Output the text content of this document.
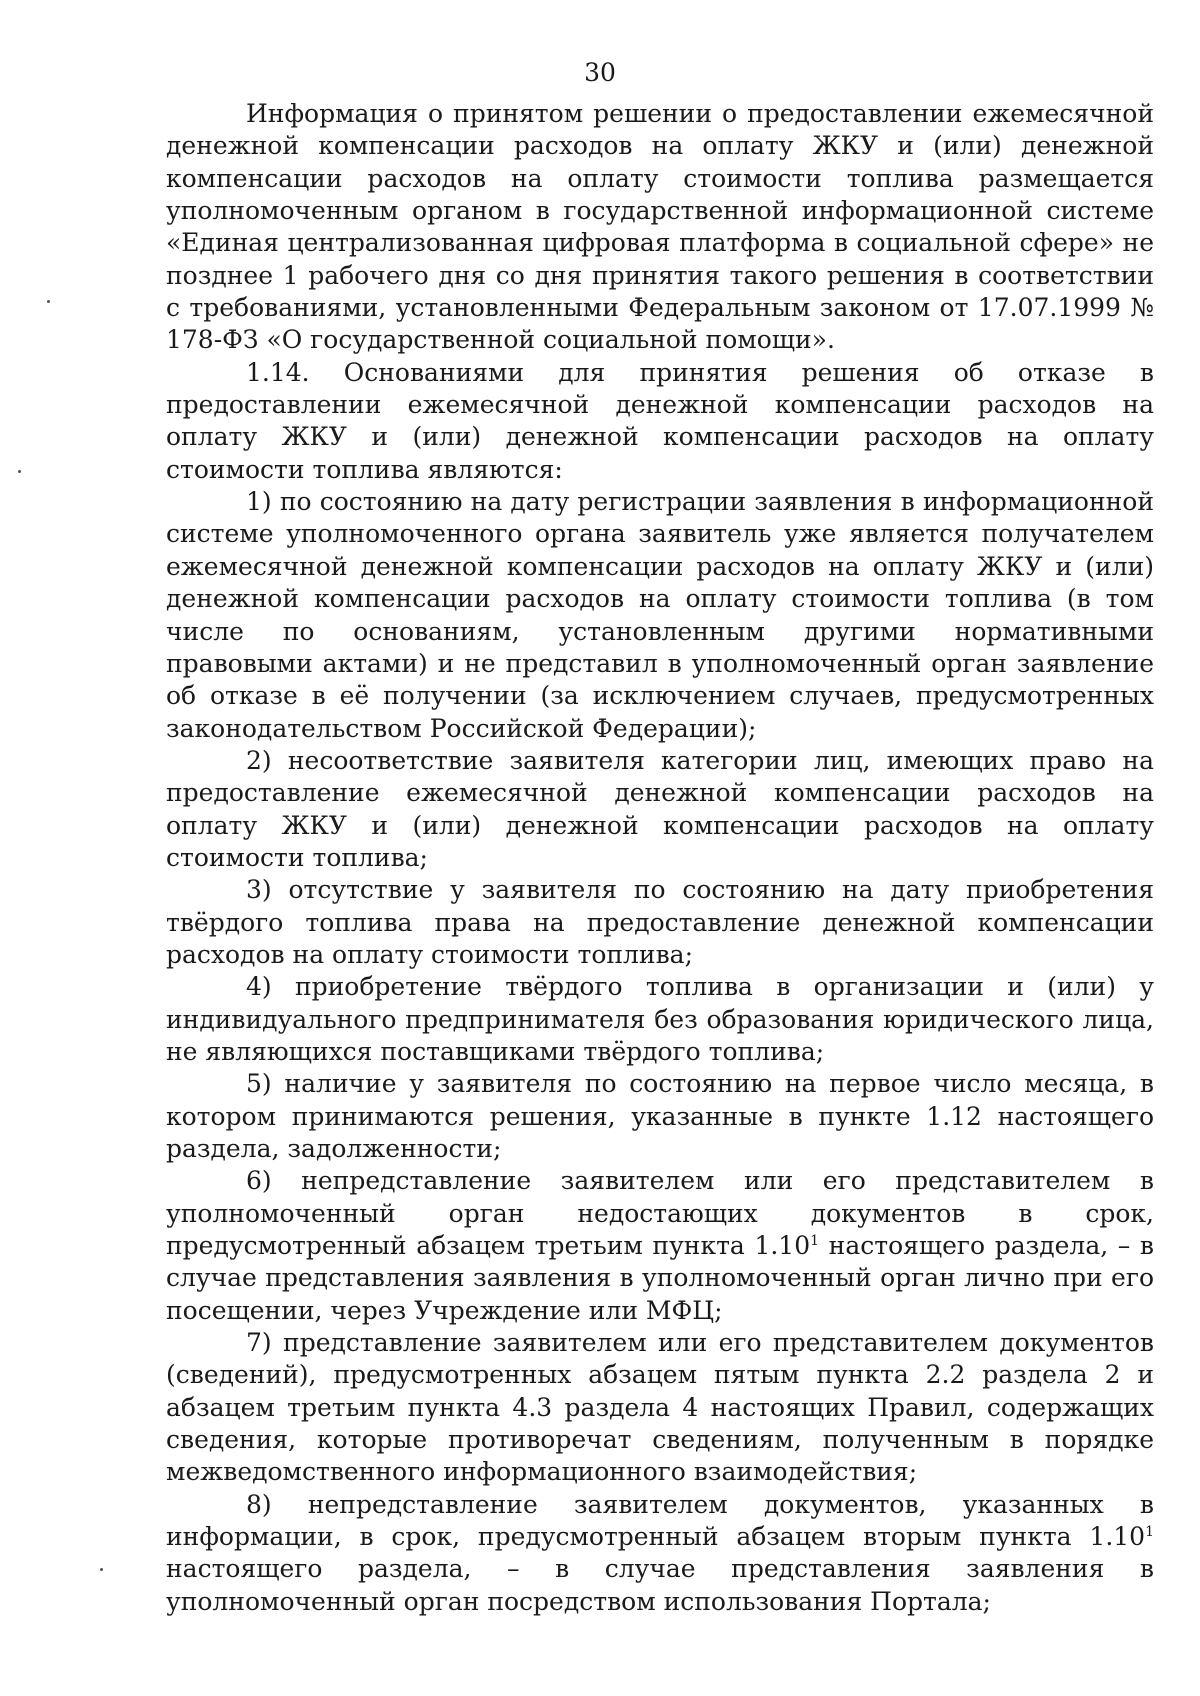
30

Информация о принятом решении о предоставлении ежемесячной денежной компенсации расходов на оплату ЖКУ и (или) денежной компенсации расходов на оплату стоимости топлива размещается уполномоченным органом в государственной информационной системе «Единая централизованная цифровая платформа в социальной сфере» не позднее 1 рабочего дня со дня принятия такого решения в соответствии с требованиями, установленными Федеральным законом от 17.07.1999 № 178-ФЗ «О государственной социальной помощи».

1.14. Основаниями для принятия решения об отказе в предоставлении ежемесячной денежной компенсации расходов на оплату ЖКУ и (или) денежной компенсации расходов на оплату стоимости топлива являются:

1) по состоянию на дату регистрации заявления в информационной системе уполномоченного органа заявитель уже является получателем ежемесячной денежной компенсации расходов на оплату ЖКУ и (или) денежной компенсации расходов на оплату стоимости топлива (в том числе по основаниям, установленным другими нормативными правовыми актами) и не представил в уполномоченный орган заявление об отказе в её получении (за исключением случаев, предусмотренных законодательством Российской Федерации);

2) несоответствие заявителя категории лиц, имеющих право на предоставление ежемесячной денежной компенсации расходов на оплату ЖКУ и (или) денежной компенсации расходов на оплату стоимости топлива;

3) отсутствие у заявителя по состоянию на дату приобретения твёрдого топлива права на предоставление денежной компенсации расходов на оплату стоимости топлива;

4) приобретение твёрдого топлива в организации и (или) у индивидуального предпринимателя без образования юридического лица, не являющихся поставщиками твёрдого топлива;

5) наличие у заявителя по состоянию на первое число месяца, в котором принимаются решения, указанные в пункте 1.12 настоящего раздела, задолженности;

6) непредставление заявителем или его представителем в уполномоченный орган недостающих документов в срок, предусмотренный абзацем третьим пункта 1.10$^1$ настоящего раздела, – в случае представления заявления в уполномоченный орган лично при его посещении, через Учреждение или МФЦ;

7) представление заявителем или его представителем документов (сведений), предусмотренных абзацем пятым пункта 2.2 раздела 2 и абзацем третьим пункта 4.3 раздела 4 настоящих Правил, содержащих сведения, которые противоречат сведениям, полученным в порядке межведомственного информационного взаимодействия;

8) непредставление заявителем документов, указанных в информации, в срок, предусмотренный абзацем вторым пункта 1.10$^1$ настоящего раздела, – в случае представления заявления в уполномоченный орган посредством использования Портала;
